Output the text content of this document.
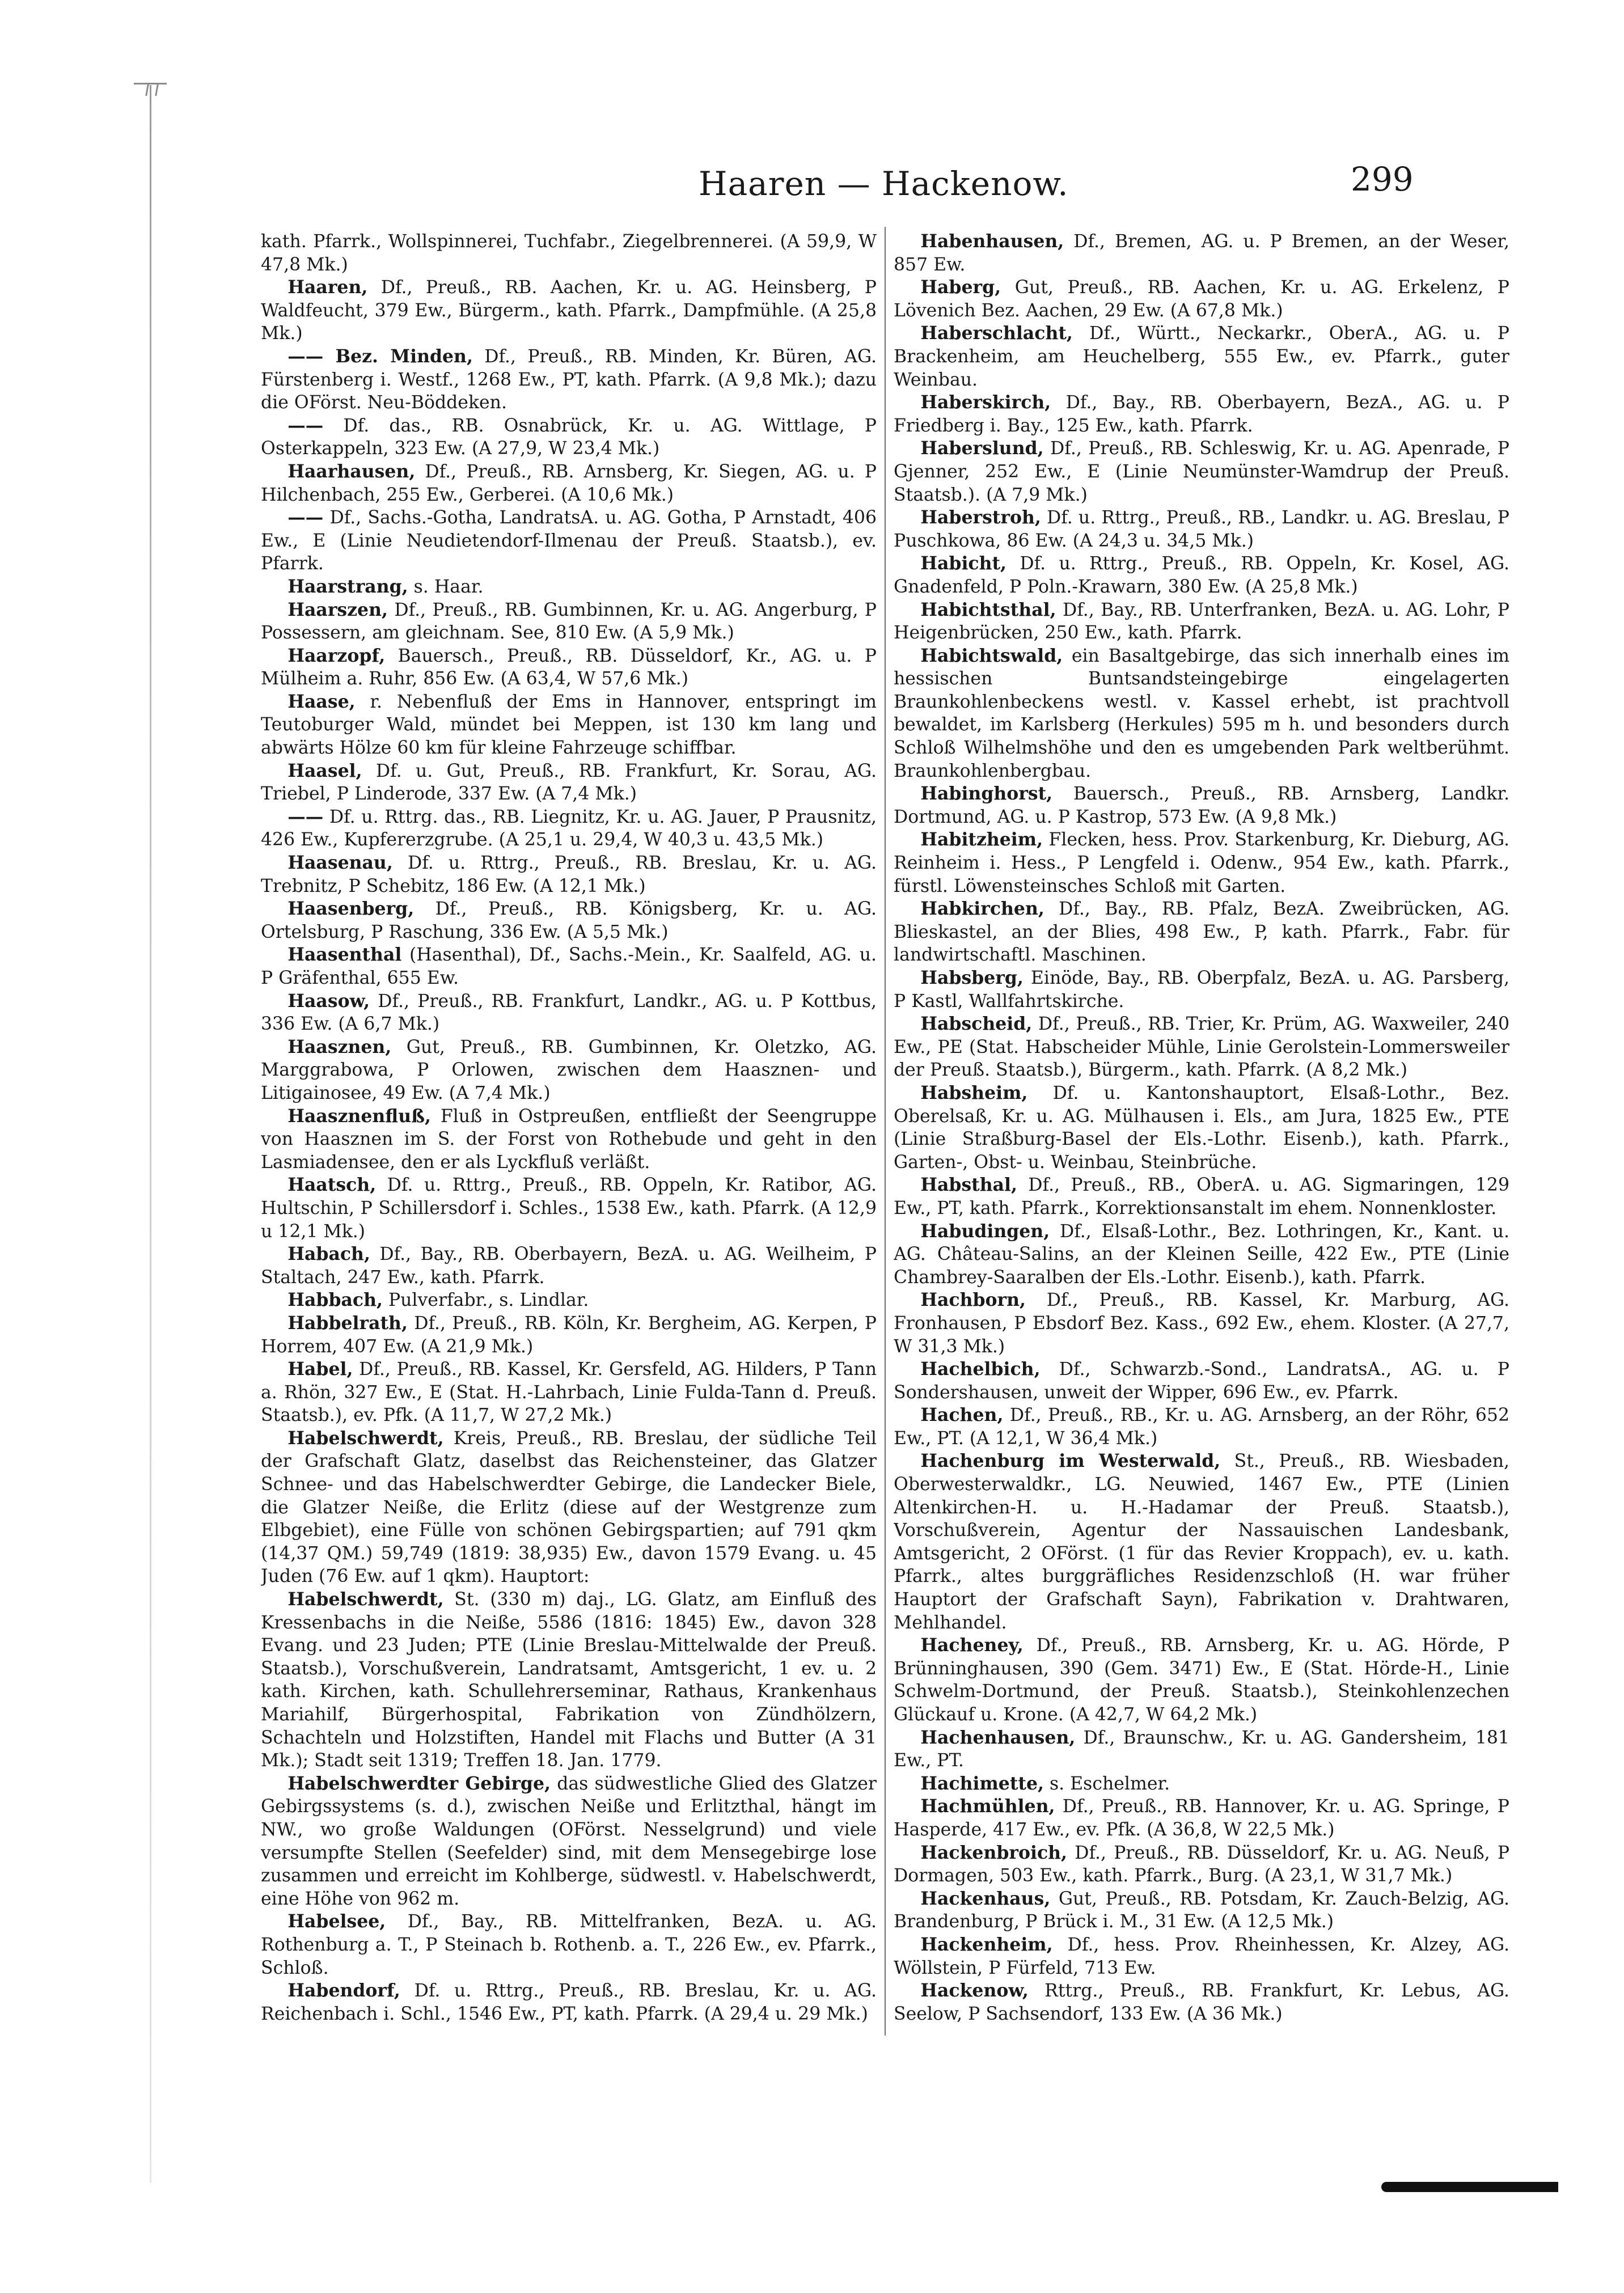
Haaren — Hackenow.	299

kath. Pfarrk., Wollspinnerei, Tuchfabr., Ziegelbrennerei. (A 59,9, W 47,8 Mk.)

Haaren, Df., Preuß., RB. Aachen, Kr. u. AG. Heinsberg, P Waldfeucht, 379 Ew., Bürgerm., kath. Pfarrk., Dampfmühle. (A 25,8 Mk.)

—— Bez. Minden, Df., Preuß., RB. Minden, Kr. Büren, AG. Fürstenberg i. Westf., 1268 Ew., PT, kath. Pfarrk. (A 9,8 Mk.); dazu die OFörst. Neu-Böddeken.

—— Df. das., RB. Osnabrück, Kr. u. AG. Wittlage, P Osterkappeln, 323 Ew. (A 27,9, W 23,4 Mk.)

Haarhausen, Df., Preuß., RB. Arnsberg, Kr. Siegen, AG. u. P Hilchenbach, 255 Ew., Gerberei. (A 10,6 Mk.)

—— Df., Sachs.-Gotha, LandratsA. u. AG. Gotha, P Arnstadt, 406 Ew., E (Linie Neudietendorf-Ilmenau der Preuß. Staatsb.), ev. Pfarrk.

Haarstrang, s. Haar.

Haarszen, Df., Preuß., RB. Gumbinnen, Kr. u. AG. Angerburg, P Possessern, am gleichnam. See, 810 Ew. (A 5,9 Mk.)

Haarzopf, Bauersch., Preuß., RB. Düsseldorf, Kr., AG. u. P Mülheim a. Ruhr, 856 Ew. (A 63,4, W 57,6 Mk.)

Haase, r. Nebenfluß der Ems in Hannover, entspringt im Teutoburger Wald, mündet bei Meppen, ist 130 km lang und abwärts Hölze 60 km für kleine Fahrzeuge schiffbar.

Haasel, Df. u. Gut, Preuß., RB. Frankfurt, Kr. Sorau, AG. Triebel, P Linderode, 337 Ew. (A 7,4 Mk.)

—— Df. u. Rttrg. das., RB. Liegnitz, Kr. u. AG. Jauer, P Prausnitz, 426 Ew., Kupfererzgrube. (A 25,1 u. 29,4, W 40,3 u. 43,5 Mk.)

Haasenau, Df. u. Rttrg., Preuß., RB. Breslau, Kr. u. AG. Trebnitz, P Schebitz, 186 Ew. (A 12,1 Mk.)

Haasenberg, Df., Preuß., RB. Königsberg, Kr. u. AG. Ortelsburg, P Raschung, 336 Ew. (A 5,5 Mk.)

Haasenthal (Hasenthal), Df., Sachs.-Mein., Kr. Saalfeld, AG. u. P Gräfenthal, 655 Ew.

Haasow, Df., Preuß., RB. Frankfurt, Landkr., AG. u. P Kottbus, 336 Ew. (A 6,7 Mk.)

Haasznen, Gut, Preuß., RB. Gumbinnen, Kr. Oletzko, AG. Marggrabowa, P Orlowen, zwischen dem Haasznen- und Litigainosee, 49 Ew. (A 7,4 Mk.)

Haasznenfluß, Fluß in Ostpreußen, entfließt der Seengruppe von Haasznen im S. der Forst von Rothebude und geht in den Lasmiadensee, den er als Lyckfluß verläßt.

Haatsch, Df. u. Rttrg., Preuß., RB. Oppeln, Kr. Ratibor, AG. Hultschin, P Schillersdorf i. Schles., 1538 Ew., kath. Pfarrk. (A 12,9 u 12,1 Mk.)

Habach, Df., Bay., RB. Oberbayern, BezA. u. AG. Weilheim, P Staltach, 247 Ew., kath. Pfarrk.

Habbach, Pulverfabr., s. Lindlar.

Habbelrath, Df., Preuß., RB. Köln, Kr. Bergheim, AG. Kerpen, P Horrem, 407 Ew. (A 21,9 Mk.)

Habel, Df., Preuß., RB. Kassel, Kr. Gersfeld, AG. Hilders, P Tann a. Rhön, 327 Ew., E (Stat. H.-Lahrbach, Linie Fulda-Tann d. Preuß. Staatsb.), ev. Pfk. (A 11,7, W 27,2 Mk.)

Habelschwerdt, Kreis, Preuß., RB. Breslau, der südliche Teil der Grafschaft Glatz, daselbst das Reichensteiner, das Glatzer Schnee- und das Habelschwerdter Gebirge, die Landecker Biele, die Glatzer Neiße, die Erlitz (diese auf der Westgrenze zum Elbgebiet), eine Fülle von schönen Gebirgspartien; auf 791 qkm (14,37 QM.) 59,749 (1819: 38,935) Ew., davon 1579 Evang. u. 45 Juden (76 Ew. auf 1 qkm). Hauptort:

Habelschwerdt, St. (330 m) daj., LG. Glatz, am Einfluß des Kressenbachs in die Neiße, 5586 (1816: 1845) Ew., davon 328 Evang. und 23 Juden; PTE (Linie Breslau-Mittelwalde der Preuß. Staatsb.), Vorschußverein, Landratsamt, Amtsgericht, 1 ev. u. 2 kath. Kirchen, kath. Schullehrerseminar, Rathaus, Krankenhaus Mariahilf, Bürgerhospital, Fabrikation von Zündhölzern, Schachteln und Holzstiften, Handel mit Flachs und Butter (A 31 Mk.); Stadt seit 1319; Treffen 18. Jan. 1779.

Habelschwerdter Gebirge, das südwestliche Glied des Glatzer Gebirgssystems (s. d.), zwischen Neiße und Erlitzthal, hängt im NW., wo große Waldungen (OFörst. Nesselgrund) und viele versumpfte Stellen (Seefelder) sind, mit dem Mensegebirge lose zusammen und erreicht im Kohlberge, südwestl. v. Habelschwerdt, eine Höhe von 962 m.

Habelsee, Df., Bay., RB. Mittelfranken, BezA. u. AG. Rothenburg a. T., P Steinach b. Rothenb. a. T., 226 Ew., ev. Pfarrk., Schloß.

Habendorf, Df. u. Rttrg., Preuß., RB. Breslau, Kr. u. AG. Reichenbach i. Schl., 1546 Ew., PT, kath. Pfarrk. (A 29,4 u. 29 Mk.)

Habenhausen, Df., Bremen, AG. u. P Bremen, an der Weser, 857 Ew.

Haberg, Gut, Preuß., RB. Aachen, Kr. u. AG. Erkelenz, P Lövenich Bez. Aachen, 29 Ew. (A 67,8 Mk.)

Haberschlacht, Df., Württ., Neckarkr., OberA., AG. u. P Brackenheim, am Heuchelberg, 555 Ew., ev. Pfarrk., guter Weinbau.

Haberskirch, Df., Bay., RB. Oberbayern, BezA., AG. u. P Friedberg i. Bay., 125 Ew., kath. Pfarrk.

Haberslund, Df., Preuß., RB. Schleswig, Kr. u. AG. Apenrade, P Gjenner, 252 Ew., E (Linie Neumünster-Wamdrup der Preuß. Staatsb.). (A 7,9 Mk.)

Haberstroh, Df. u. Rttrg., Preuß., RB., Landkr. u. AG. Breslau, P Puschkowa, 86 Ew. (A 24,3 u. 34,5 Mk.)

Habicht, Df. u. Rttrg., Preuß., RB. Oppeln, Kr. Kosel, AG. Gnadenfeld, P Poln.-Krawarn, 380 Ew. (A 25,8 Mk.)

Habichtsthal, Df., Bay., RB. Unterfranken, BezA. u. AG. Lohr, P Heigenbrücken, 250 Ew., kath. Pfarrk.

Habichtswald, ein Basaltgebirge, das sich innerhalb eines im hessischen Buntsandsteingebirge eingelagerten Braunkohlenbeckens westl. v. Kassel erhebt, ist prachtvoll bewaldet, im Karlsberg (Herkules) 595 m h. und besonders durch Schloß Wilhelmshöhe und den es umgebenden Park weltberühmt. Braunkohlenbergbau.

Habinghorst, Bauersch., Preuß., RB. Arnsberg, Landkr. Dortmund, AG. u. P Kastrop, 573 Ew. (A 9,8 Mk.)

Habitzheim, Flecken, hess. Prov. Starkenburg, Kr. Dieburg, AG. Reinheim i. Hess., P Lengfeld i. Odenw., 954 Ew., kath. Pfarrk., fürstl. Löwensteinsches Schloß mit Garten.

Habkirchen, Df., Bay., RB. Pfalz, BezA. Zweibrücken, AG. Blieskastel, an der Blies, 498 Ew., P, kath. Pfarrk., Fabr. für landwirtschaftl. Maschinen.

Habsberg, Einöde, Bay., RB. Oberpfalz, BezA. u. AG. Parsberg, P Kastl, Wallfahrtskirche.

Habscheid, Df., Preuß., RB. Trier, Kr. Prüm, AG. Waxweiler, 240 Ew., PE (Stat. Habscheider Mühle, Linie Gerolstein-Lommersweiler der Preuß. Staatsb.), Bürgerm., kath. Pfarrk. (A 8,2 Mk.)

Habsheim, Df. u. Kantonshauptort, Elsaß-Lothr., Bez. Oberelsaß, Kr. u. AG. Mülhausen i. Els., am Jura, 1825 Ew., PTE (Linie Straßburg-Basel der Els.-Lothr. Eisenb.), kath. Pfarrk., Garten-, Obst- u. Weinbau, Steinbrüche.

Habsthal, Df., Preuß., RB., OberA. u. AG. Sigmaringen, 129 Ew., PT, kath. Pfarrk., Korrektionsanstalt im ehem. Nonnenkloster.

Habudingen, Df., Elsaß-Lothr., Bez. Lothringen, Kr., Kant. u. AG. Château-Salins, an der Kleinen Seille, 422 Ew., PTE (Linie Chambrey-Saaralben der Els.-Lothr. Eisenb.), kath. Pfarrk.

Hachborn, Df., Preuß., RB. Kassel, Kr. Marburg, AG. Fronhausen, P Ebsdorf Bez. Kass., 692 Ew., ehem. Kloster. (A 27,7, W 31,3 Mk.)

Hachelbich, Df., Schwarzb.-Sond., LandratsA., AG. u. P Sondershausen, unweit der Wipper, 696 Ew., ev. Pfarrk.

Hachen, Df., Preuß., RB., Kr. u. AG. Arnsberg, an der Röhr, 652 Ew., PT. (A 12,1, W 36,4 Mk.)

Hachenburg im Westerwald, St., Preuß., RB. Wiesbaden, Oberwesterwaldkr., LG. Neuwied, 1467 Ew., PTE (Linien Altenkirchen-H. u. H.-Hadamar der Preuß. Staatsb.), Vorschußverein, Agentur der Nassauischen Landesbank, Amtsgericht, 2 OFörst. (1 für das Revier Kroppach), ev. u. kath. Pfarrk., altes burggräfliches Residenzschloß (H. war früher Hauptort der Grafschaft Sayn), Fabrikation v. Drahtwaren, Mehlhandel.

Hacheney, Df., Preuß., RB. Arnsberg, Kr. u. AG. Hörde, P Brünninghausen, 390 (Gem. 3471) Ew., E (Stat. Hörde-H., Linie Schwelm-Dortmund, der Preuß. Staatsb.), Steinkohlenzechen Glückauf u. Krone. (A 42,7, W 64,2 Mk.)

Hachenhausen, Df., Braunschw., Kr. u. AG. Gandersheim, 181 Ew., PT.

Hachimette, s. Eschelmer.

Hachmühlen, Df., Preuß., RB. Hannover, Kr. u. AG. Springe, P Hasperde, 417 Ew., ev. Pfk. (A 36,8, W 22,5 Mk.)

Hackenbroich, Df., Preuß., RB. Düsseldorf, Kr. u. AG. Neuß, P Dormagen, 503 Ew., kath. Pfarrk., Burg. (A 23,1, W 31,7 Mk.)

Hackenhaus, Gut, Preuß., RB. Potsdam, Kr. Zauch-Belzig, AG. Brandenburg, P Brück i. M., 31 Ew. (A 12,5 Mk.)

Hackenheim, Df., hess. Prov. Rheinhessen, Kr. Alzey, AG. Wöllstein, P Fürfeld, 713 Ew.

Hackenow, Rttrg., Preuß., RB. Frankfurt, Kr. Lebus, AG. Seelow, P Sachsendorf, 133 Ew. (A 36 Mk.)
